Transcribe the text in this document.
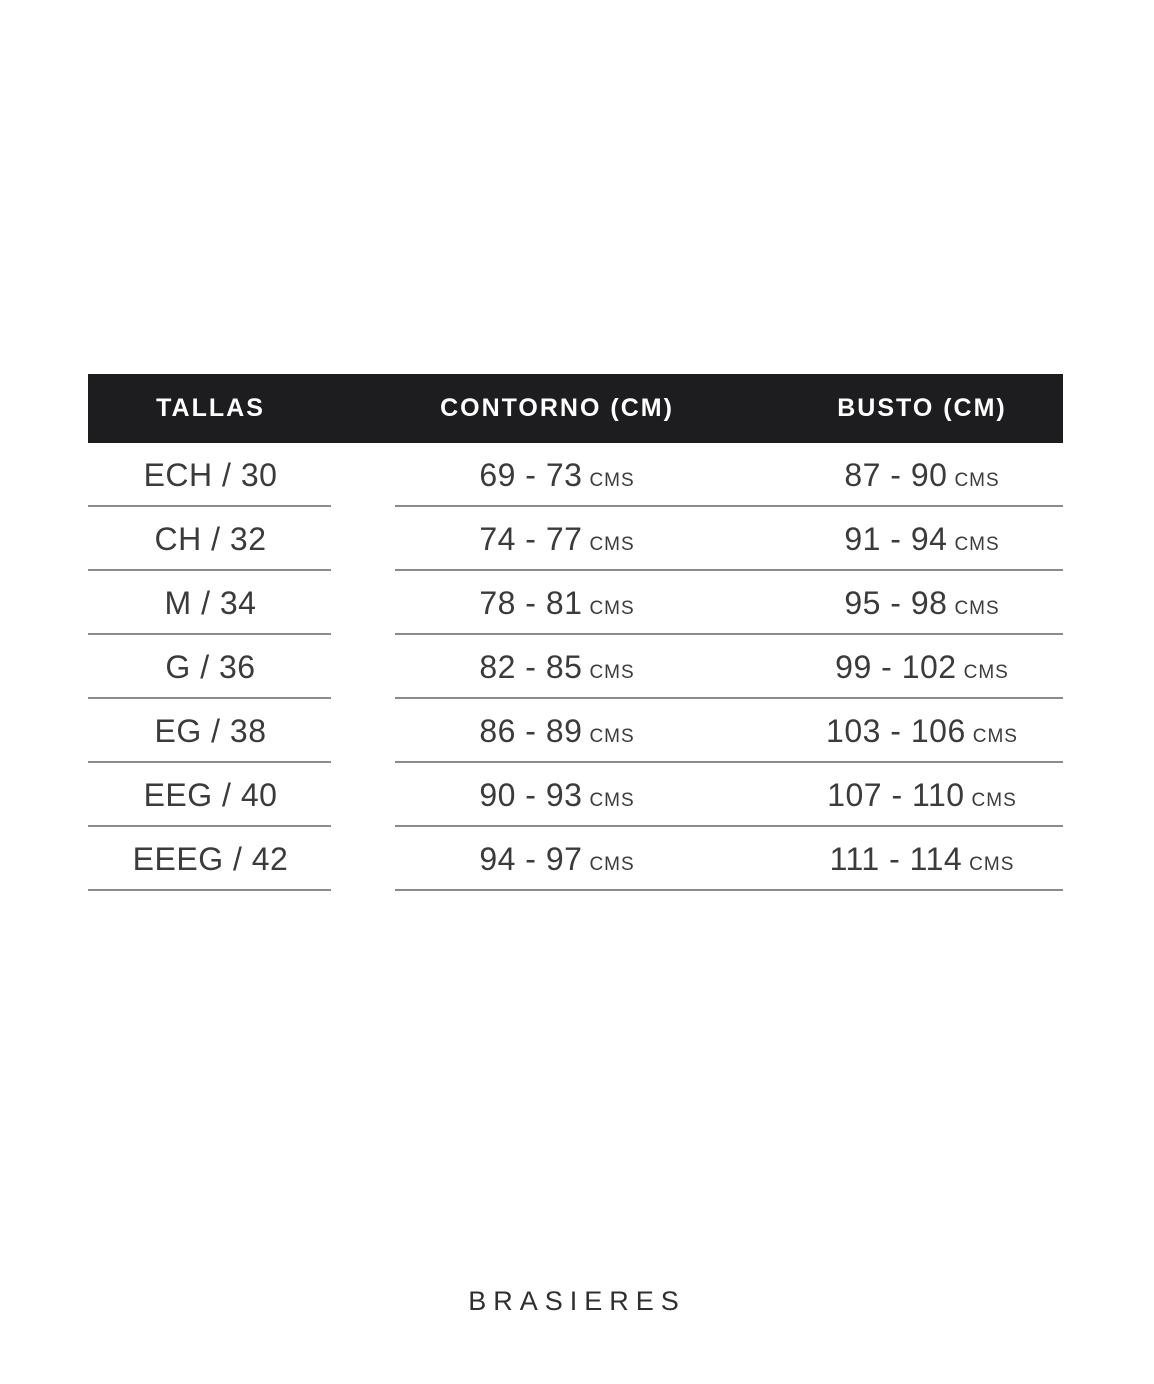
TALLAS	CONTORNO (CM)	BUSTO (CM)
ECH / 30	69 - 73 CMS	87 - 90 CMS
CH / 32	74 - 77 CMS	91 - 94 CMS
M / 34	78 - 81 CMS	95 - 98 CMS
G / 36	82 - 85 CMS	99 - 102 CMS
EG / 38	86 - 89 CMS	103 - 106 CMS
EEG / 40	90 - 93 CMS	107 - 110 CMS
EEEG / 42	94 - 97 CMS	111 - 114 CMS
BRASIERES
